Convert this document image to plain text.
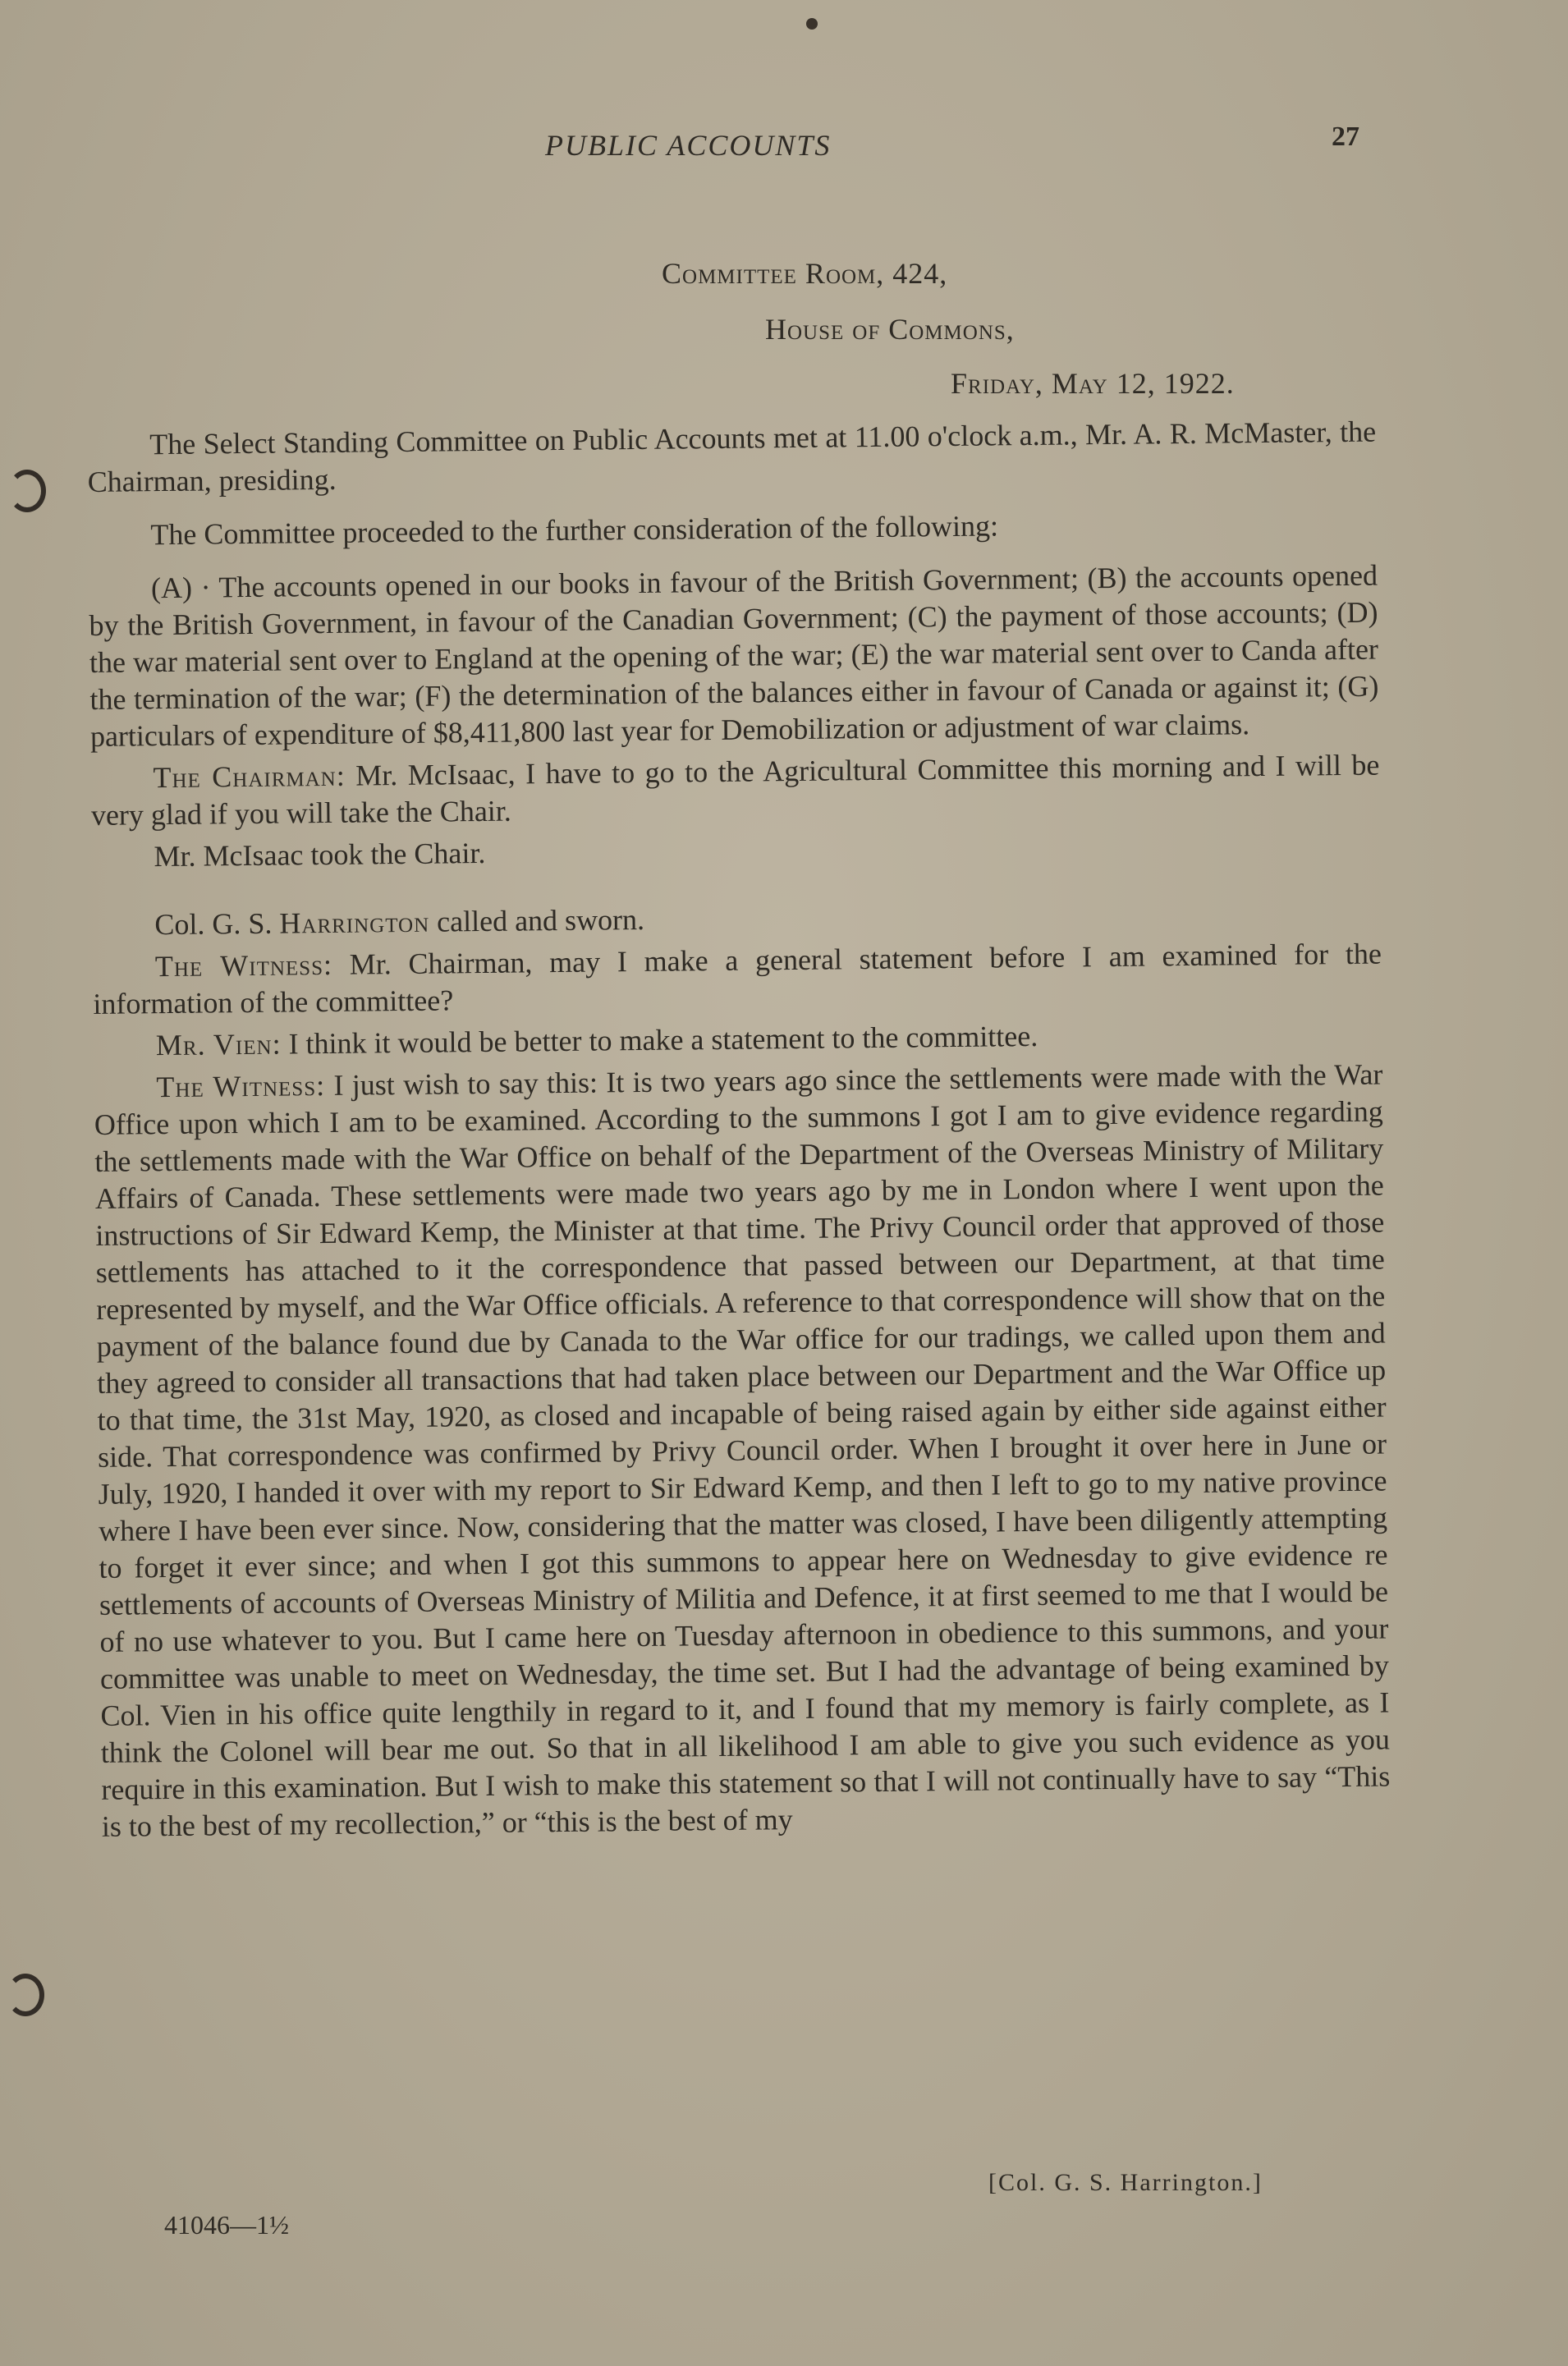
PUBLIC ACCOUNTS	27
Committee Room, 424,
House of Commons,
Friday, May 12, 1922.

The Select Standing Committee on Public Accounts met at 11.00 o'clock a.m., Mr. A. R. McMaster, the Chairman, presiding.

The Committee proceeded to the further consideration of the following:

(A) · The accounts opened in our books in favour of the British Government; (B) the accounts opened by the British Government, in favour of the Canadian Government; (C) the payment of those accounts; (D) the war material sent over to England at the opening of the war; (E) the war material sent over to Canda after the termination of the war; (F) the determination of the balances either in favour of Canada or against it; (G) particulars of expenditure of $8,411,800 last year for Demobilization or adjustment of war claims.

The Chairman: Mr. McIsaac, I have to go to the Agricultural Committee this morning and I will be very glad if you will take the Chair.

Mr. McIsaac took the Chair.

Col. G. S. Harrington called and sworn.

The Witness: Mr. Chairman, may I make a general statement before I am examined for the information of the committee?

Mr. Vien: I think it would be better to make a statement to the committee.

The Witness: I just wish to say this: It is two years ago since the settlements were made with the War Office upon which I am to be examined. According to the summons I got I am to give evidence regarding the settlements made with the War Office on behalf of the Department of the Overseas Ministry of Military Affairs of Canada. These settlements were made two years ago by me in London where I went upon the instructions of Sir Edward Kemp, the Minister at that time. The Privy Council order that approved of those settlements has attached to it the correspondence that passed between our Department, at that time represented by myself, and the War Office officials. A reference to that correspondence will show that on the payment of the balance found due by Canada to the War office for our tradings, we called upon them and they agreed to consider all transactions that had taken place between our Department and the War Office up to that time, the 31st May, 1920, as closed and incapable of being raised again by either side against either side. That correspondence was confirmed by Privy Council order. When I brought it over here in June or July, 1920, I handed it over with my report to Sir Edward Kemp, and then I left to go to my native province where I have been ever since. Now, considering that the matter was closed, I have been diligently attempting to forget it ever since; and when I got this summons to appear here on Wednesday to give evidence re settlements of accounts of Overseas Ministry of Militia and Defence, it at first seemed to me that I would be of no use whatever to you. But I came here on Tuesday afternoon in obedience to this summons, and your committee was unable to meet on Wednesday, the time set. But I had the advantage of being examined by Col. Vien in his office quite lengthily in regard to it, and I found that my memory is fairly complete, as I think the Colonel will bear me out. So that in all likelihood I am able to give you such evidence as you require in this examination. But I wish to make this statement so that I will not continually have to say “This is to the best of my recollection,” or “this is the best of my

[Col. G. S. Harrington.]
41046—1½
